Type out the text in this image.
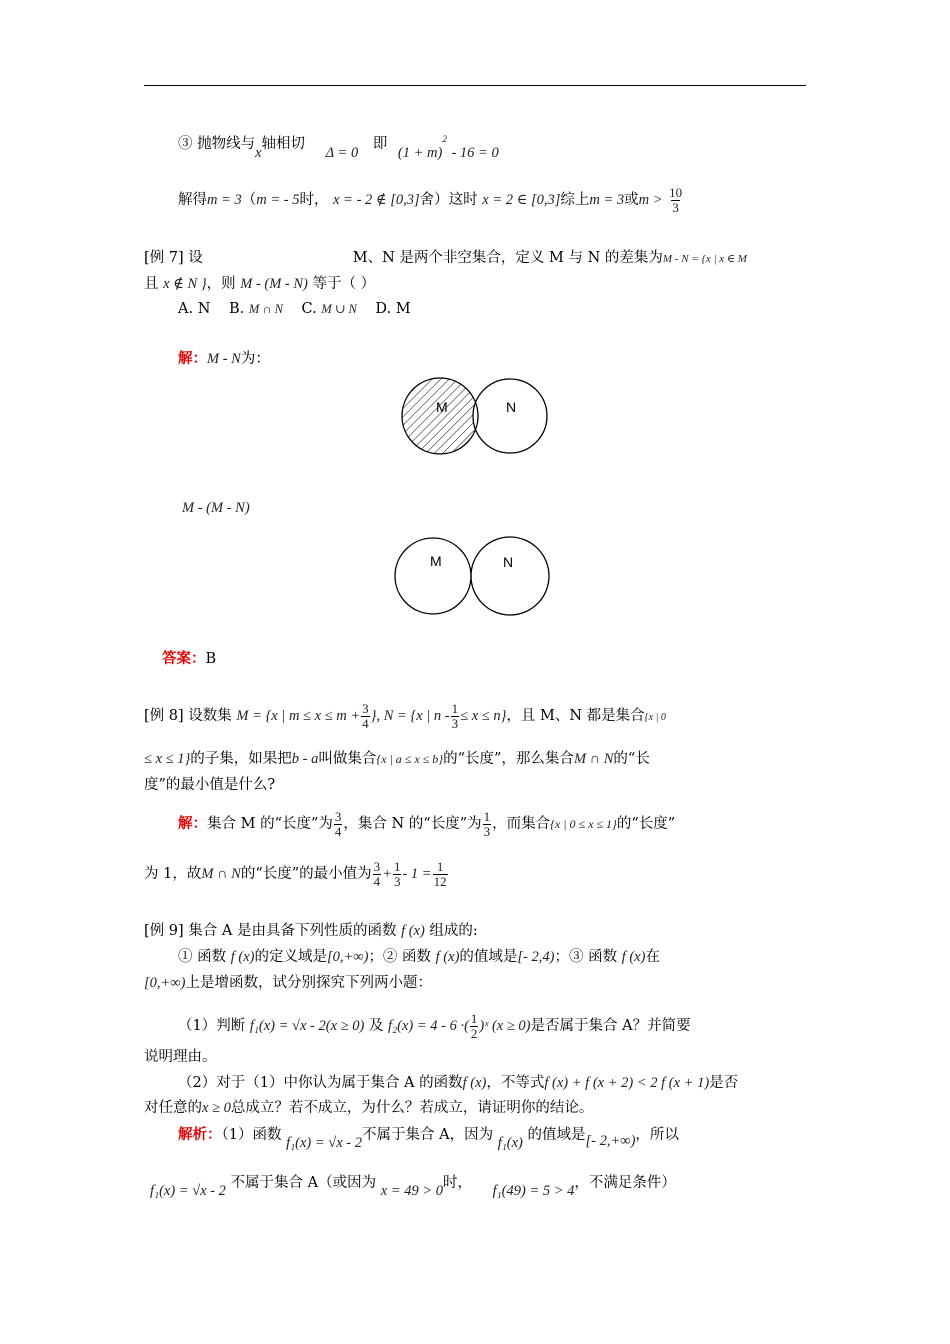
③ 抛物线与x轴相切 Δ = 0 即 $(1 + m)^2 - 16 = 0$
解得m = 3（m = - 5时， x = - 2 ∉ [0,3]舍）这时 x = 2 ∈ [0,3]综上m = 3或$m > \frac{10}{3}$
[例 7] 设	M、N 是两个非空集合，定义 M 与 N 的差集为M - N = {x | x ∈ M
且 x ∉ N }，则 M - (M - N) 等于（ ）
A. N B. M ∩ N C. M ∪ N D. M
解：M - N为：
M	N
M - (M - N)
M	N
答案：B
[例 8] 设数集 M = {x | $m \le x \le m + \frac{3}{4}$ }, N = {x | $n - \frac{1}{3} \le x \le n$}，且 M、N 都是集合{x | 0
≤ x ≤ 1}的子集，如果把b - a叫做集合{x | a ≤ x ≤ b}的“长度”，那么集合M ∩ N的“长
度”的最小值是什么?
解：集合 M 的“长度”为 $\frac{3}{4}$ ，集合 N 的“长度”为 $\frac{1}{3}$ ，而集合{x | 0 ≤ x ≤ 1}的“长度”
为 1，故M ∩ N的“长度”的最小值为 $\frac{3}{4} + \frac{1}{3} - 1 = \frac{1}{12}$
[例 9] 集合 A 是由具备下列性质的函数 f (x) 组成的:
① 函数 f (x)的定义域是[0,+∞)；② 函数 f (x)的值域是[- 2,4)；③ 函数 f (x)在
[0,+∞)上是增函数，试分别探究下列两小题：
（1）判断 f₁(x) = √x - 2(x ≥ 0) 及 f₂(x) = 4 - 6 ·( $\frac{1}{2}$ )ˣ (x ≥ 0)是否属于集合 A？并简要
说明理由。
（2）对于（1）中你认为属于集合 A 的函数f (x)，不等式f (x) + f (x + 2) < 2 f (x + 1)是否
对任意的x ≥ 0总成立？若不成立，为什么？若成立，请证明你的结论。
解析：（1）函数 f₁(x) = √x - 2不属于集合 A，因为 f₁(x) 的值域是[- 2,+∞)，所以
f₁(x) = √x - 2 不属于集合 A（或因为 x = 49 > 0时， f₁(49) = 5 > 4，不满足条件）
